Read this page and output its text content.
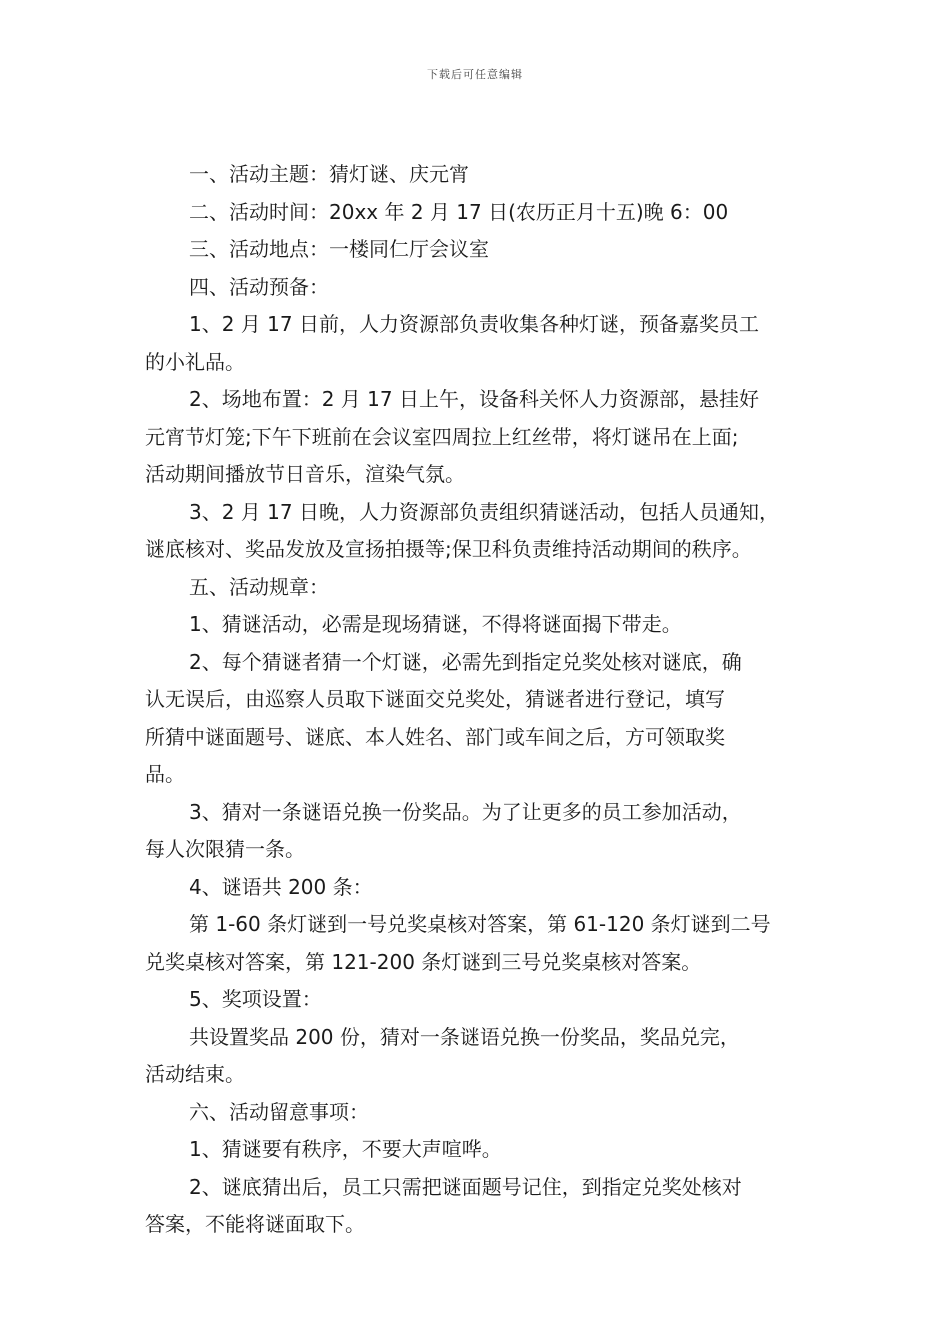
下载后可任意编辑

一、活动主题：猜灯谜、庆元宵

二、活动时间：20xx 年 2 月 17 日(农历正月十五)晚 6：00

三、活动地点：一楼同仁厅会议室

四、活动预备：

1、2 月 17 日前，人力资源部负责收集各种灯谜，预备嘉奖员工

的小礼品。

2、场地布置：2 月 17 日上午，设备科关怀人力资源部，悬挂好

元宵节灯笼;下午下班前在会议室四周拉上红丝带，将灯谜吊在上面;

活动期间播放节日音乐，渲染气氛。

3、2 月 17 日晚，人力资源部负责组织猜谜活动，包括人员通知，

谜底核对、奖品发放及宣扬拍摄等;保卫科负责维持活动期间的秩序。

五、活动规章：

1、猜谜活动，必需是现场猜谜，不得将谜面揭下带走。

2、每个猜谜者猜一个灯谜，必需先到指定兑奖处核对谜底，确

认无误后，由巡察人员取下谜面交兑奖处，猜谜者进行登记，填写

所猜中谜面题号、谜底、本人姓名、部门或车间之后，方可领取奖

品。

3、猜对一条谜语兑换一份奖品。为了让更多的员工参加活动，

每人次限猜一条。

4、谜语共 200 条：

第 1-60 条灯谜到一号兑奖桌核对答案，第 61-120 条灯谜到二号

兑奖桌核对答案，第 121-200 条灯谜到三号兑奖桌核对答案。

5、奖项设置：

共设置奖品 200 份，猜对一条谜语兑换一份奖品，奖品兑完，

活动结束。

六、活动留意事项：

1、猜谜要有秩序，不要大声喧哗。

2、谜底猜出后，员工只需把谜面题号记住，到指定兑奖处核对

答案，不能将谜面取下。
